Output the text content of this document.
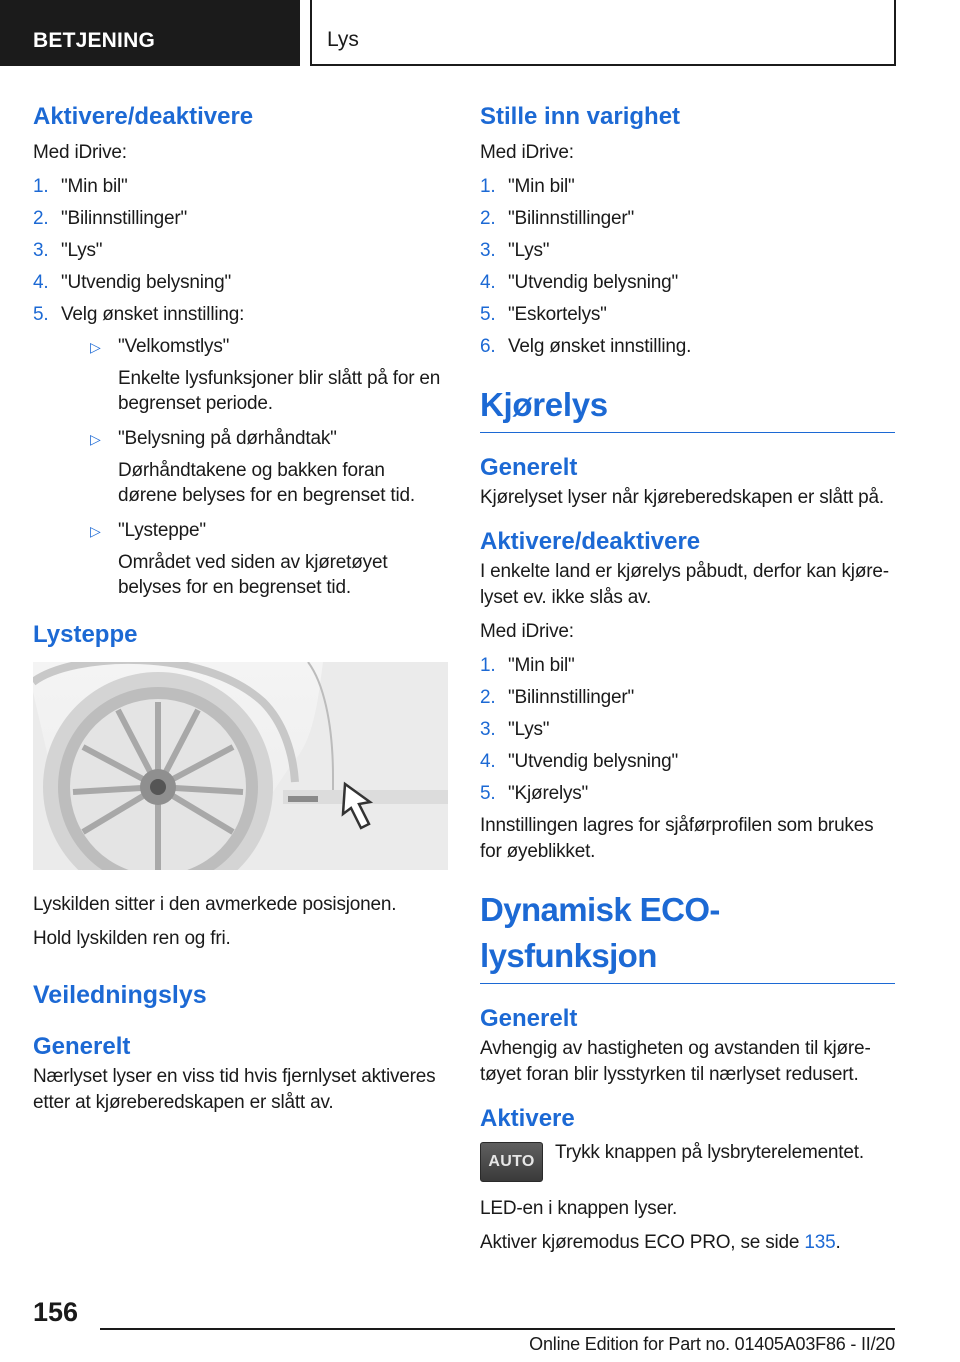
BETJENING	Lys
Aktivere/deaktivere

Med iDrive:

1. "Min bil"
2. "Bilinnstillinger"
3. "Lys"
4. "Utvendig belysning"
5. Velg ønsket innstilling:
▷ "Velkomstlys"
Enkelte lysfunksjoner blir slått på for en begrenset periode.
▷ "Belysning på dørhåndtak"
Dørhåndtakene og bakken foran dørene belyses for en begrenset tid.
▷ "Lysteppe"
Området ved siden av kjøretøyet belyses for en begrenset tid.
Lysteppe

Lyskilden sitter i den avmerkede posisjonen.

Hold lyskilden ren og fri.

Veiledningslys
Generelt

Nærlyset lyser en viss tid hvis fjernlyset aktiveres etter at kjøreberedskapen er slått av.

Stille inn varighet

Med iDrive:

1. "Min bil"
2. "Bilinnstillinger"
3. "Lys"
4. "Utvendig belysning"
5. "Eskortelys"
6. Velg ønsket innstilling.
Kjørelys
Generelt

Kjørelyset lyser når kjøreberedskapen er slått på.

Aktivere/deaktivere

I enkelte land er kjørelys påbudt, derfor kan kjørelyset ev. ikke slås av.

Med iDrive:

1. "Min bil"
2. "Bilinnstillinger"
3. "Lys"
4. "Utvendig belysning"
5. "Kjørelys"

Innstillingen lagres for sjåførprofilen som brukes for øyeblikket.

Dynamisk ECO-lysfunksjon
Generelt

Avhengig av hastigheten og avstanden til kjøretøyet foran blir lysstyrken til nærlyset redusert.

Aktivere
AUTO	Trykk knappen på lysbryterelementet.

LED-en i knappen lyser.

Aktiver kjøremodus ECO PRO, se side 135.

156
Online Edition for Part no. 01405A03F86 - II/20
